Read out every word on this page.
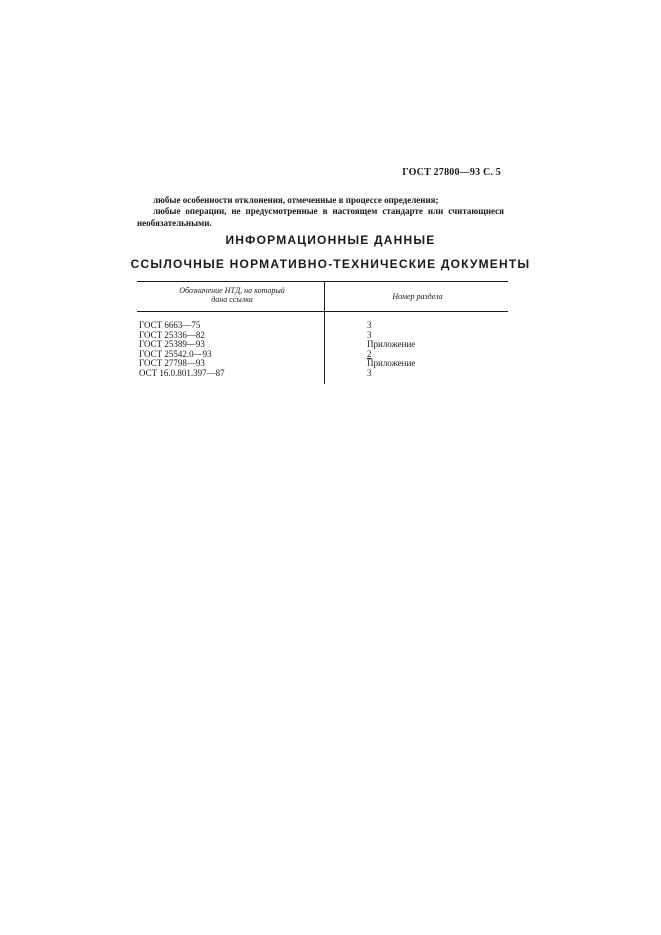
ГОСТ 27800—93 С. 5

любые особенности отклонения, отмеченные в процессе определения;

любые операции, не предусмотренные в настоящем стандарте или считающиеся необязательными.

ИНФОРМАЦИОННЫЕ ДАННЫЕ
ССЫЛОЧНЫЕ НОРМАТИВНО-ТЕХНИЧЕСКИЕ ДОКУМЕНТЫ
Обозначение НТД, на который
дана ссылка	Номер раздела
ГОСТ 6663—75
ГОСТ 25336—82
ГОСТ 25389—93
ГОСТ 25542.0—93
ГОСТ 27798—93
ОСТ 16.0.801.397—87
3
3
Приложение
2
Приложение
3
